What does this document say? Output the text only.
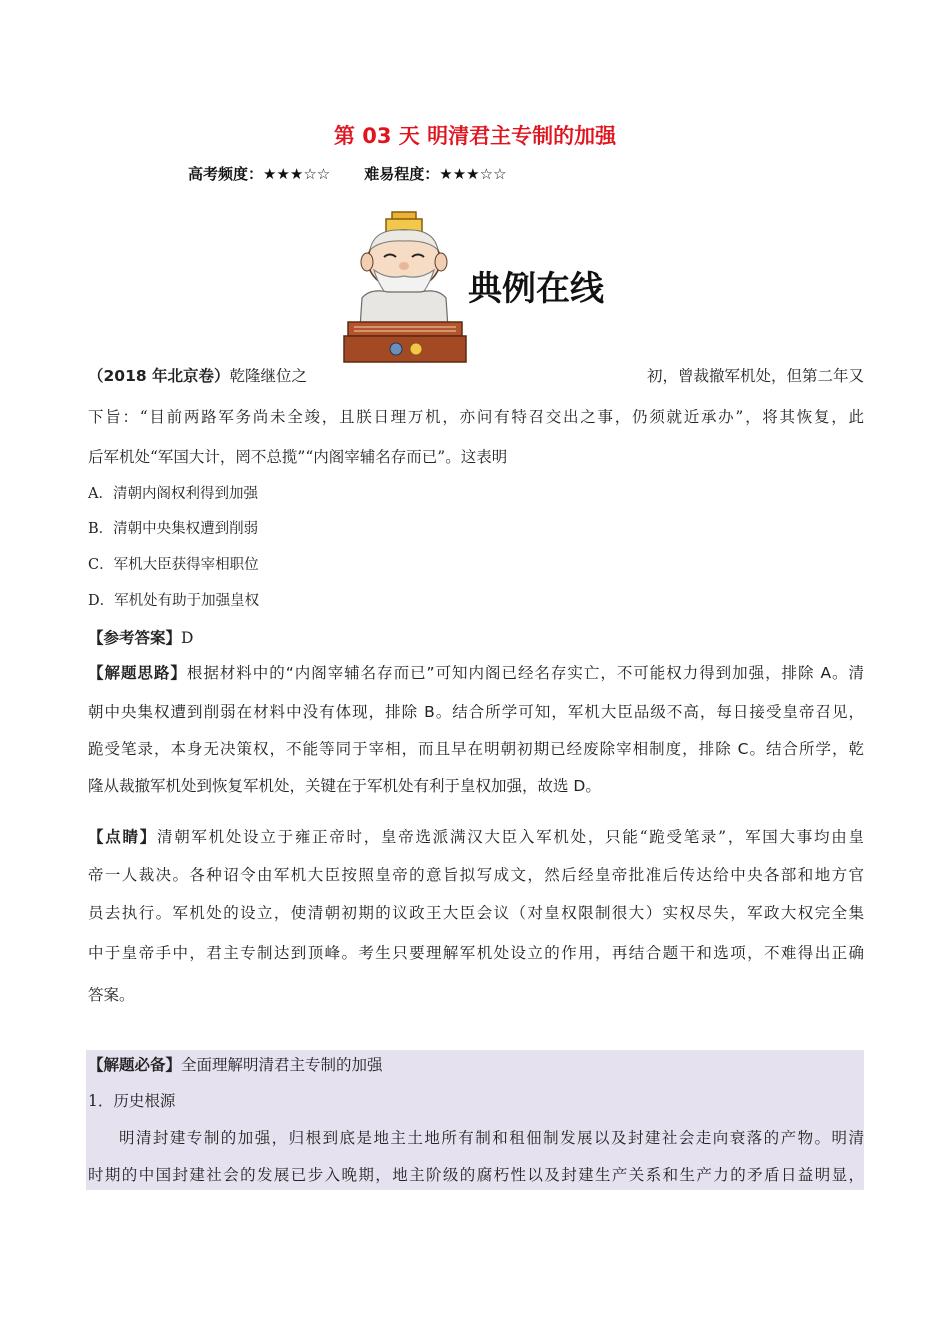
第 03 天 明清君主专制的加强
高考频度：★★★☆☆ 难易程度：★★★☆☆
典例在线
（2018 年北京卷）乾隆继位之	初，曾裁撤军机处，但第二年又
下旨：“目前两路军务尚未全竣，且朕日理万机，亦问有特召交出之事，仍须就近承办”，将其恢复，此
后军机处“军国大计，罔不总揽”“内阁宰辅名存而已”。这表明
A．清朝内阁权利得到加强
B．清朝中央集权遭到削弱
C．军机大臣获得宰相职位
D．军机处有助于加强皇权
【参考答案】D
【解题思路】根据材料中的“内阁宰辅名存而已”可知内阁已经名存实亡，不可能权力得到加强，排除 A。清
朝中央集权遭到削弱在材料中没有体现，排除 B。结合所学可知，军机大臣品级不高，每日接受皇帝召见，
跪受笔录，本身无决策权，不能等同于宰相，而且早在明朝初期已经废除宰相制度，排除 C。结合所学，乾
隆从裁撤军机处到恢复军机处，关键在于军机处有利于皇权加强，故选 D。
【点睛】清朝军机处设立于雍正帝时，皇帝选派满汉大臣入军机处，只能“跪受笔录”，军国大事均由皇
帝一人裁决。各种诏令由军机大臣按照皇帝的意旨拟写成文，然后经皇帝批准后传达给中央各部和地方官
员去执行。军机处的设立，使清朝初期的议政王大臣会议（对皇权限制很大）实权尽失，军政大权完全集
中于皇帝手中，君主专制达到顶峰。考生只要理解军机处设立的作用，再结合题干和选项，不难得出正确
答案。
【解题必备】全面理解明清君主专制的加强
1．历史根源
明清封建专制的加强，归根到底是地主土地所有制和租佃制发展以及封建社会走向衰落的产物。明清
时期的中国封建社会的发展已步入晚期，地主阶级的腐朽性以及封建生产关系和生产力的矛盾日益明显，
